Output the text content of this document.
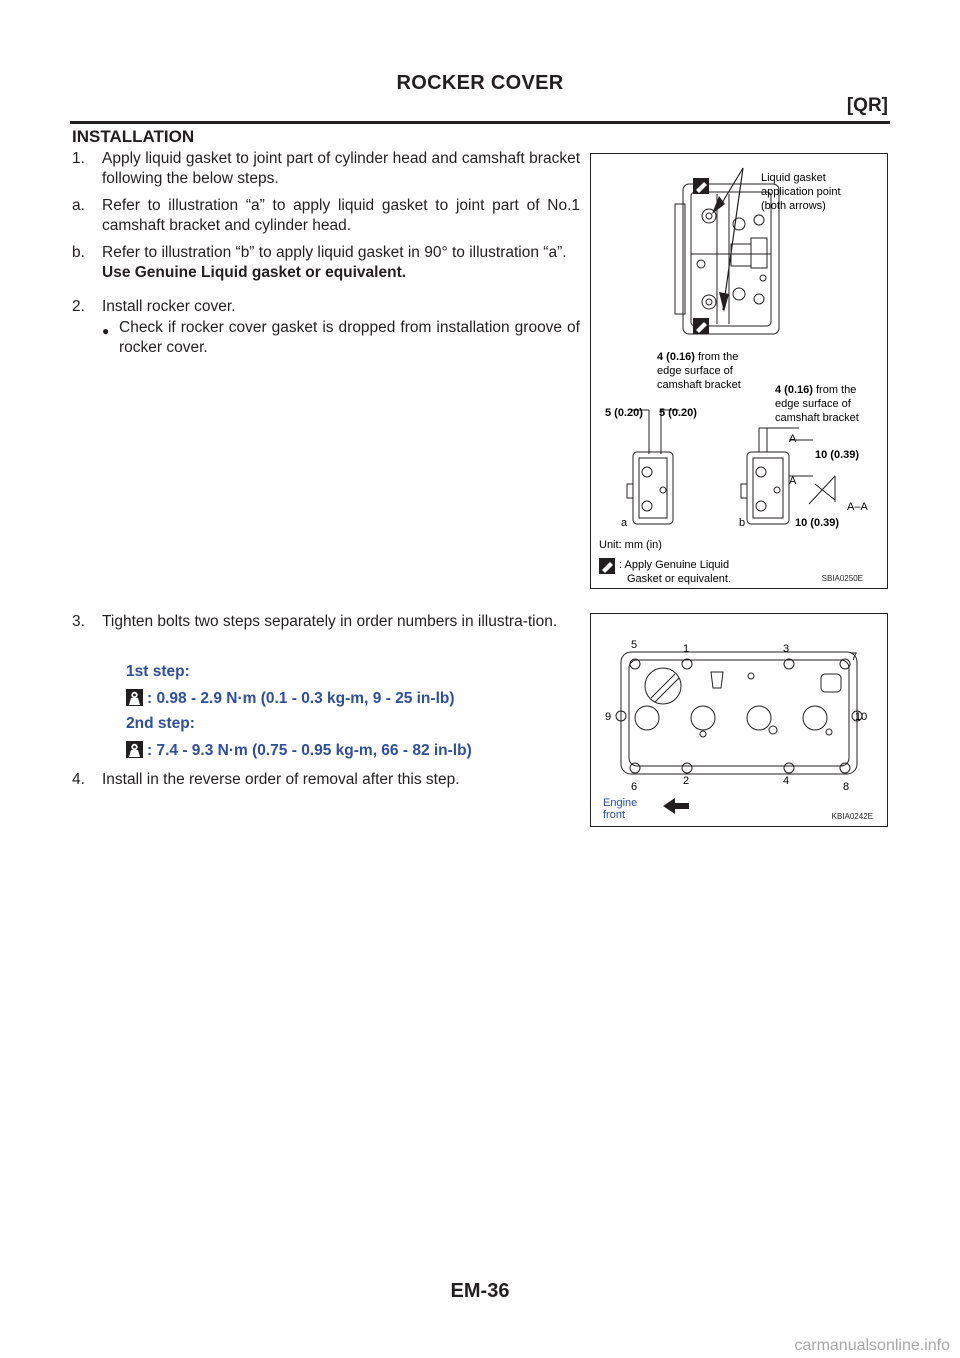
ROCKER COVER
[QR]
INSTALLATION
1. Apply liquid gasket to joint part of cylinder head and camshaft bracket following the below steps.
a. Refer to illustration “a” to apply liquid gasket to joint part of No.1 camshaft bracket and cylinder head.
b. Refer to illustration “b” to apply liquid gasket in 90° to illustration “a”.
Use Genuine Liquid gasket or equivalent.
2. Install rocker cover.
● Check if rocker cover gasket is dropped from installation groove of rocker cover.
3. Tighten bolts two steps separately in order numbers in illustra-tion.
1st step:
: 0.98 - 2.9 N·m (0.1 - 0.3 kg-m, 9 - 25 in-lb)
2nd step:
: 7.4 - 9.3 N·m (0.75 - 0.95 kg-m, 66 - 82 in-lb)
4. Install in the reverse order of removal after this step.
Liquid gasket
application point
(both arrows)
4 (0.16) from the
edge surface of
camshaft bracket	4 (0.16) from the
edge surface of
camshaft bracket
5 (0.20) 5 (0.20)
A
A
A–A
10 (0.39)
10 (0.39)
a	b
Unit: mm (in)
: Apply Genuine Liquid
Gasket or equivalent.	SBIA0250E
5	1	3
7
9	10
6	2	4	8
Engine
front	KBIA0242E
EM-36
carmanualsonline.info
